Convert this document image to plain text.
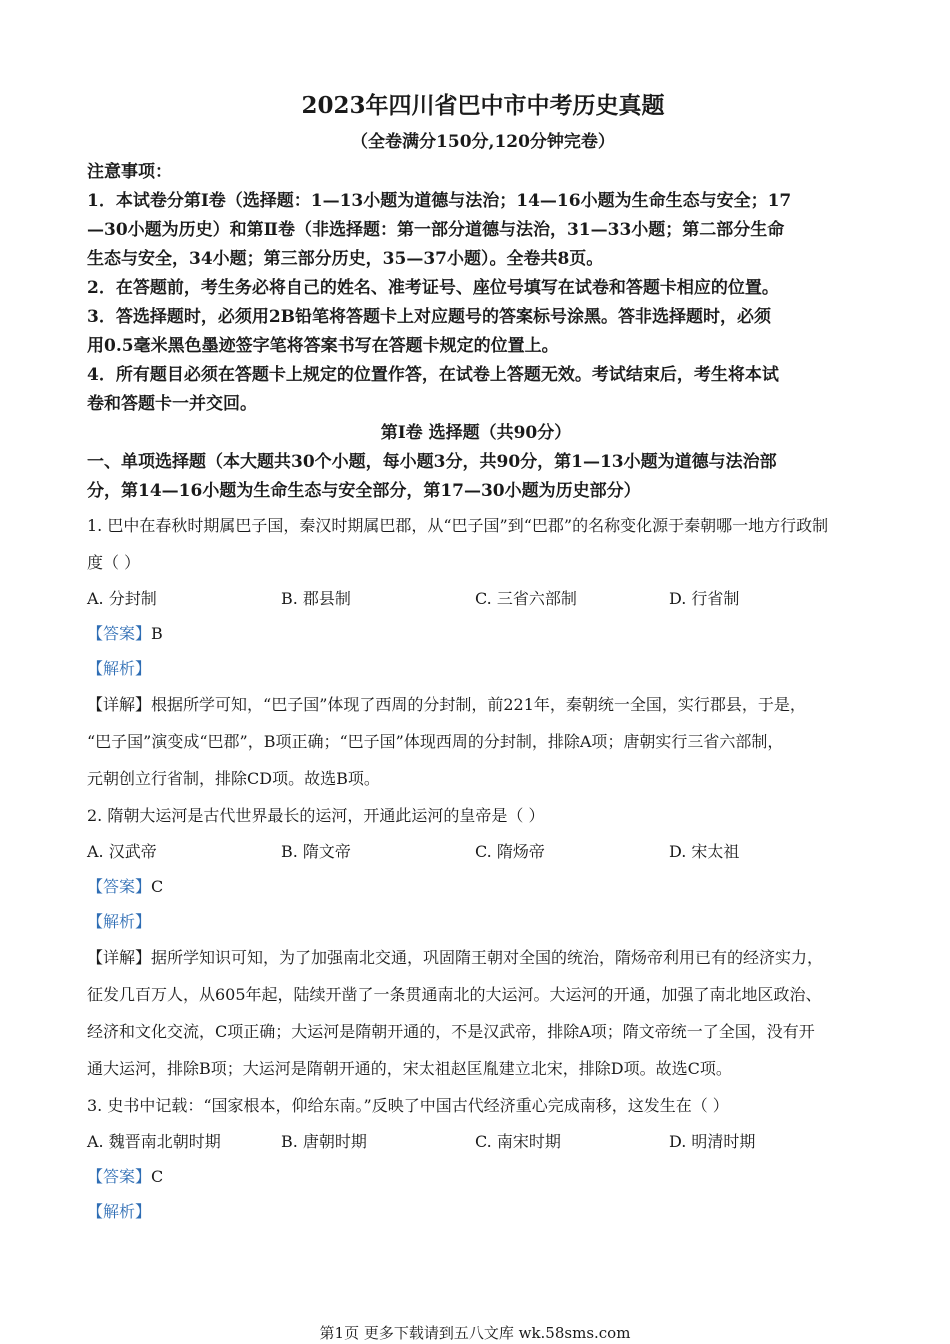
2023年四川省巴中市中考历史真题
（全卷满分150分,120分钟完卷）
注意事项：
1．本试卷分第Ⅰ卷（选择题：1—13小题为道德与法治；14—16小题为生命生态与安全；17
—30小题为历史）和第Ⅱ卷（非选择题：第一部分道德与法治，31—33小题；第二部分生命
生态与安全，34小题；第三部分历史，35—37小题）。全卷共8页。
2．在答题前，考生务必将自己的姓名、准考证号、座位号填写在试卷和答题卡相应的位置。
3．答选择题时，必须用2B铅笔将答题卡上对应题号的答案标号涂黑。答非选择题时，必须
用0.5毫米黑色墨迹签字笔将答案书写在答题卡规定的位置上。
4．所有题目必须在答题卡上规定的位置作答，在试卷上答题无效。考试结束后，考生将本试
卷和答题卡一并交回。
第Ⅰ卷 选择题（共90分）
一、单项选择题（本大题共30个小题，每小题3分，共90分，第1—13小题为道德与法治部
分，第14—16小题为生命生态与安全部分，第17—30小题为历史部分）
1. 巴中在春秋时期属巴子国，秦汉时期属巴郡，从“巴子国”到“巴郡”的名称变化源于秦朝哪一地方行政制
度（ ）
A. 分封制	B. 郡县制	C. 三省六部制	D. 行省制
【答案】B
【解析】
【详解】根据所学可知，“巴子国”体现了西周的分封制，前221年，秦朝统一全国，实行郡县，于是，
“巴子国”演变成“巴郡”，B项正确；“巴子国”体现西周的分封制，排除A项；唐朝实行三省六部制，
元朝创立行省制，排除CD项。故选B项。
2. 隋朝大运河是古代世界最长的运河，开通此运河的皇帝是（ ）
A. 汉武帝	B. 隋文帝	C. 隋炀帝	D. 宋太祖
【答案】C
【解析】
【详解】据所学知识可知，为了加强南北交通，巩固隋王朝对全国的统治，隋炀帝利用已有的经济实力，
征发几百万人，从605年起，陆续开凿了一条贯通南北的大运河。大运河的开通，加强了南北地区政治、
经济和文化交流，C项正确；大运河是隋朝开通的，不是汉武帝，排除A项；隋文帝统一了全国，没有开
通大运河，排除B项；大运河是隋朝开通的，宋太祖赵匡胤建立北宋，排除D项。故选C项。
3. 史书中记载：“国家根本，仰给东南。”反映了中国古代经济重心完成南移，这发生在（ ）
A. 魏晋南北朝时期	B. 唐朝时期	C. 南宋时期	D. 明清时期
【答案】C
【解析】
第1页 更多下载请到五八文库 wk.58sms.com
